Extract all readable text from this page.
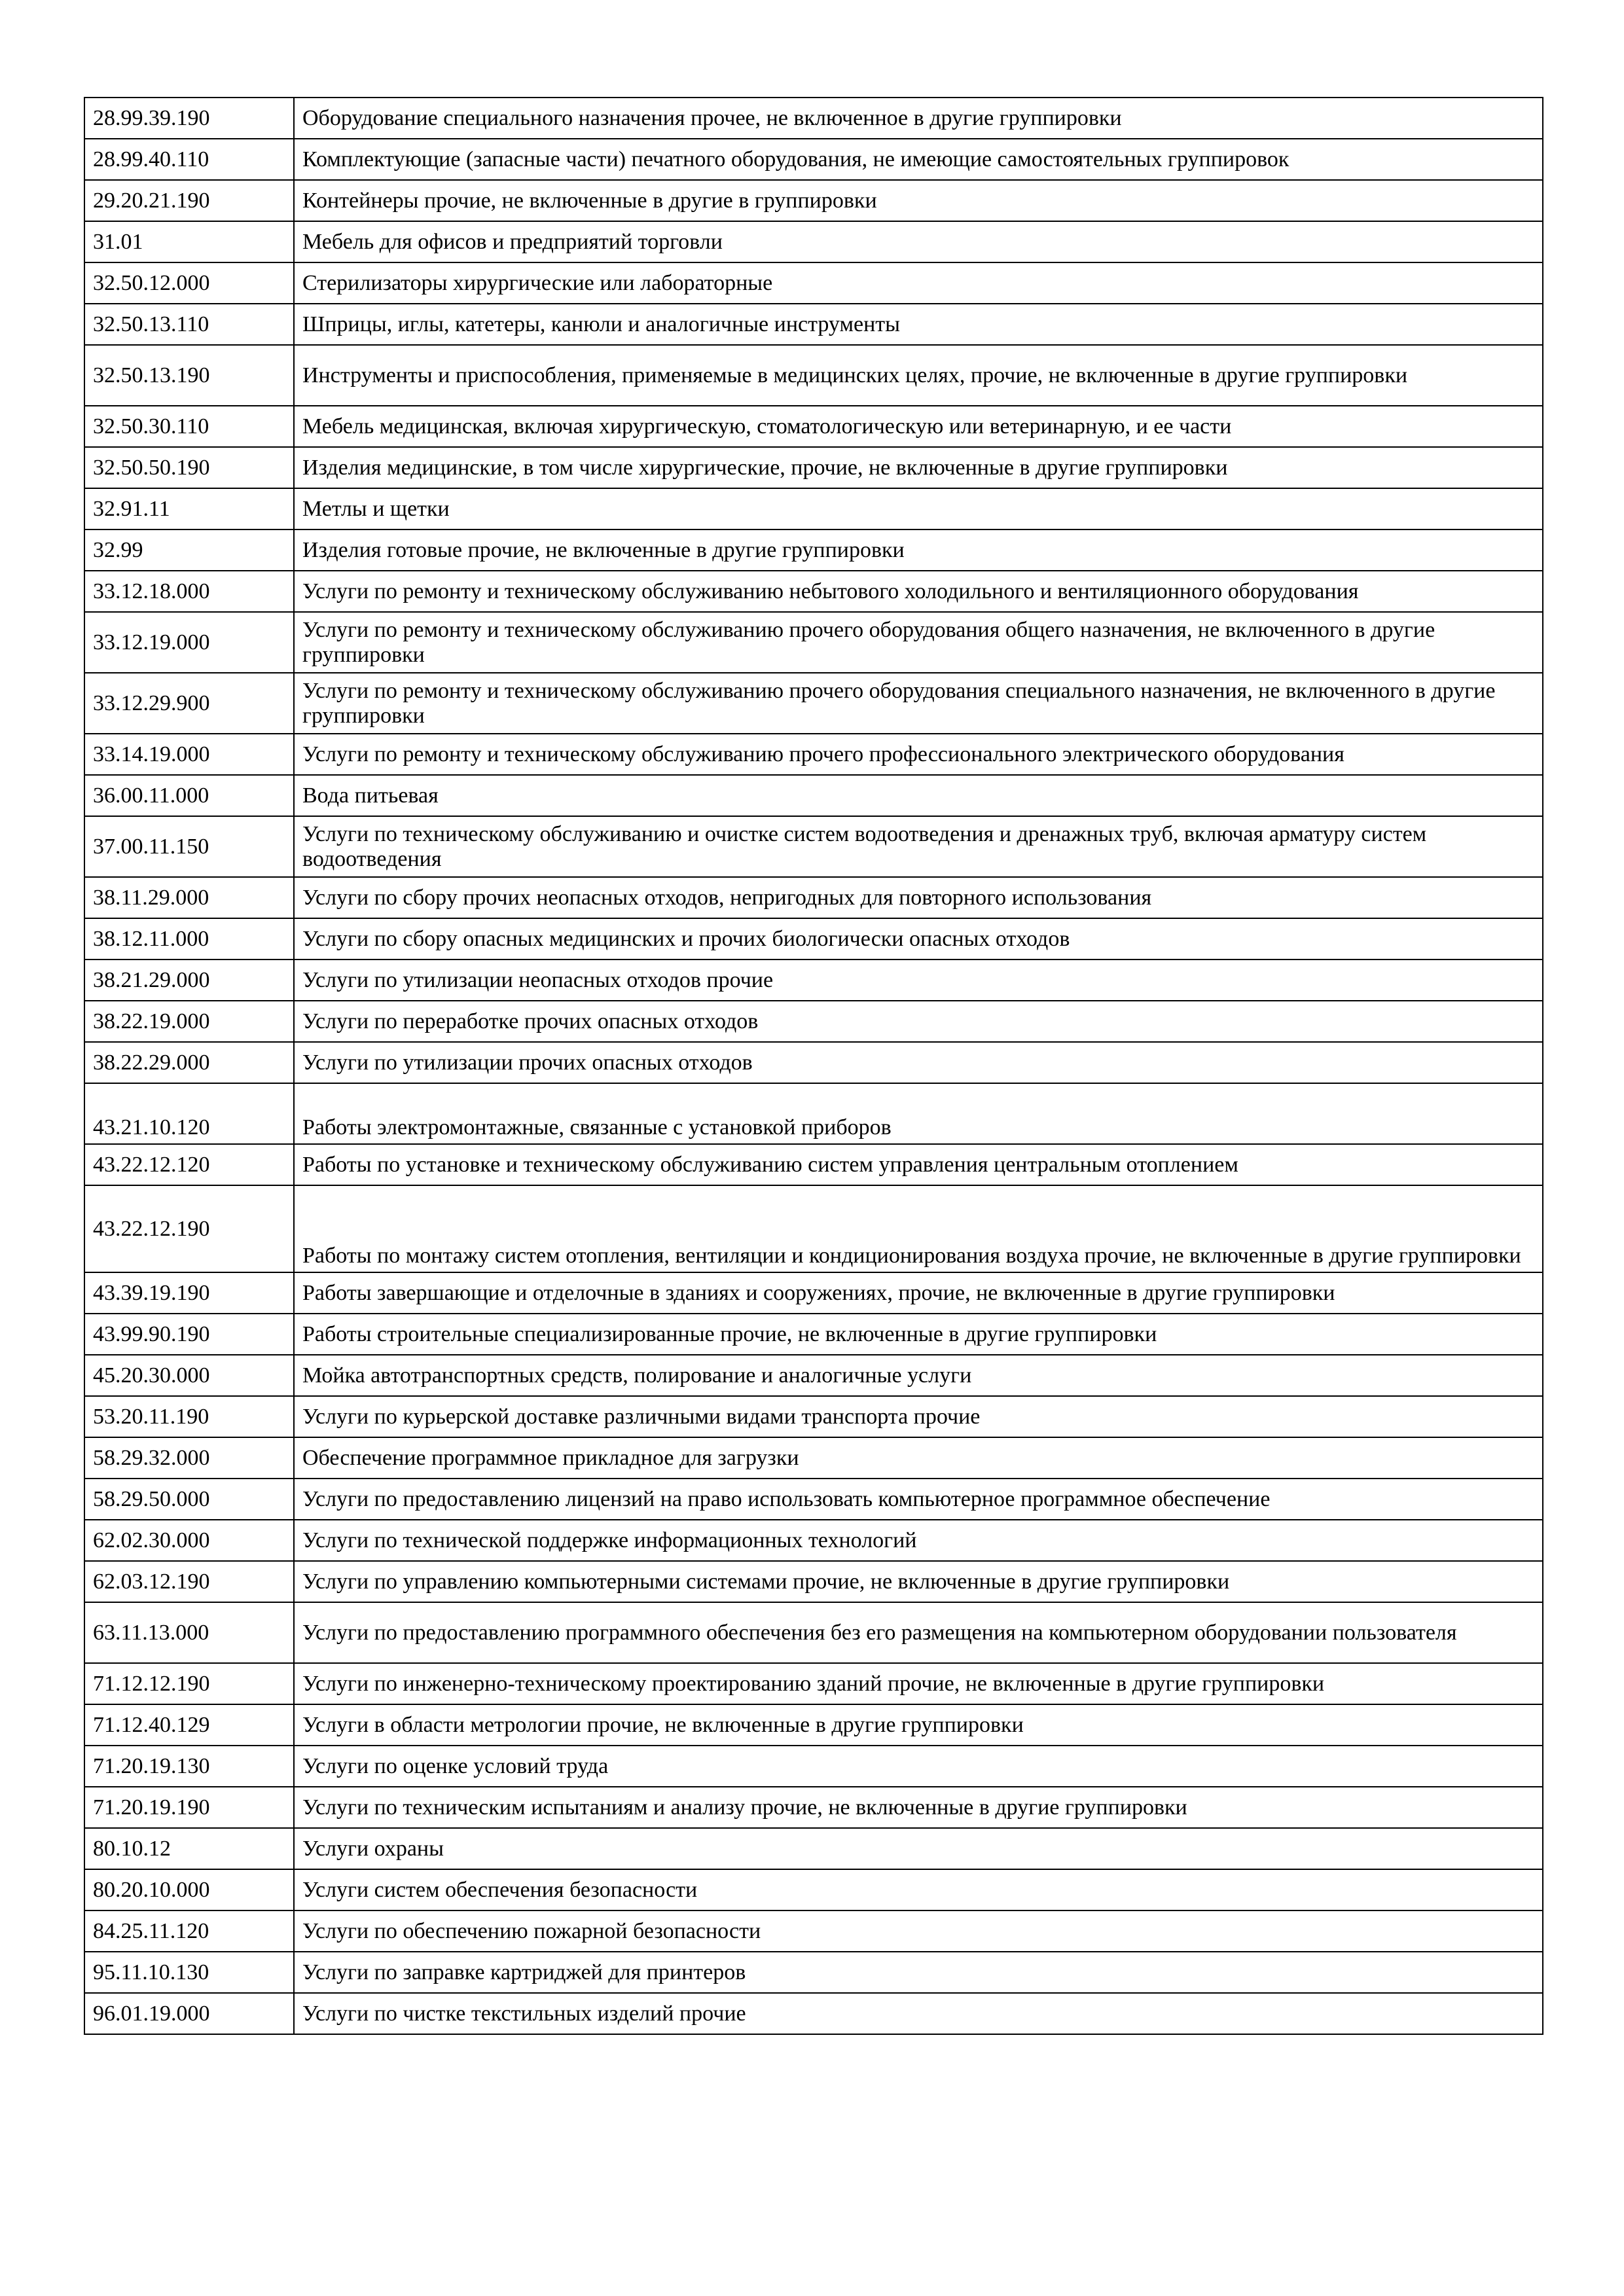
28.99.39.190	Оборудование специального назначения прочее, не включенное в другие группировки
28.99.40.110	Комплектующие (запасные части) печатного оборудования, не имеющие самостоятельных группировок
29.20.21.190	Контейнеры прочие, не включенные в другие в группировки
31.01	Мебель для офисов и предприятий торговли
32.50.12.000	Стерилизаторы хирургические или лабораторные
32.50.13.110	Шприцы, иглы, катетеры, канюли и аналогичные инструменты
32.50.13.190	Инструменты и приспособления, применяемые в медицинских целях, прочие, не включенные в другие группировки
32.50.30.110	Мебель медицинская, включая хирургическую, стоматологическую или ветеринарную, и ее части
32.50.50.190	Изделия медицинские, в том числе хирургические, прочие, не включенные в другие группировки
32.91.11	Метлы и щетки
32.99	Изделия готовые прочие, не включенные в другие группировки
33.12.18.000	Услуги по ремонту и техническому обслуживанию небытового холодильного и вентиляционного оборудования
33.12.19.000	Услуги по ремонту и техническому обслуживанию прочего оборудования общего назначения, не включенного в другие группировки
33.12.29.900	Услуги по ремонту и техническому обслуживанию прочего оборудования специального назначения, не включенного в другие группировки
33.14.19.000	Услуги по ремонту и техническому обслуживанию прочего профессионального электрического оборудования
36.00.11.000	Вода питьевая
37.00.11.150	Услуги по техническому обслуживанию и очистке систем водоотведения и дренажных труб, включая арматуру систем водоотведения
38.11.29.000	Услуги по сбору прочих неопасных отходов, непригодных для повторного использования
38.12.11.000	Услуги по сбору опасных медицинских и прочих биологически опасных отходов
38.21.29.000	Услуги по утилизации неопасных отходов прочие
38.22.19.000	Услуги по переработке прочих опасных отходов
38.22.29.000	Услуги по утилизации прочих опасных отходов
43.21.10.120	Работы электромонтажные, связанные с установкой приборов
43.22.12.120	Работы по установке и техническому обслуживанию систем управления центральным отоплением
43.22.12.190	Работы по монтажу систем отопления, вентиляции и кондиционирования воздуха прочие, не включенные в другие группировки
43.39.19.190	Работы завершающие и отделочные в зданиях и сооружениях, прочие, не включенные в другие группировки
43.99.90.190	Работы строительные специализированные прочие, не включенные в другие группировки
45.20.30.000	Мойка автотранспортных средств, полирование и аналогичные услуги
53.20.11.190	Услуги по курьерской доставке различными видами транспорта прочие
58.29.32.000	Обеспечение программное прикладное для загрузки
58.29.50.000	Услуги по предоставлению лицензий на право использовать компьютерное программное обеспечение
62.02.30.000	Услуги по технической поддержке информационных технологий
62.03.12.190	Услуги по управлению компьютерными системами прочие, не включенные в другие группировки
63.11.13.000	Услуги по предоставлению программного обеспечения без его размещения на компьютерном оборудовании пользователя
71.12.12.190	Услуги по инженерно-техническому проектированию зданий прочие, не включенные в другие группировки
71.12.40.129	Услуги в области метрологии прочие, не включенные в другие группировки
71.20.19.130	Услуги по оценке условий труда
71.20.19.190	Услуги по техническим испытаниям и анализу прочие, не включенные в другие группировки
80.10.12	Услуги охраны
80.20.10.000	Услуги систем обеспечения безопасности
84.25.11.120	Услуги по обеспечению пожарной безопасности
95.11.10.130	Услуги по заправке картриджей для принтеров
96.01.19.000	Услуги по чистке текстильных изделий прочие
